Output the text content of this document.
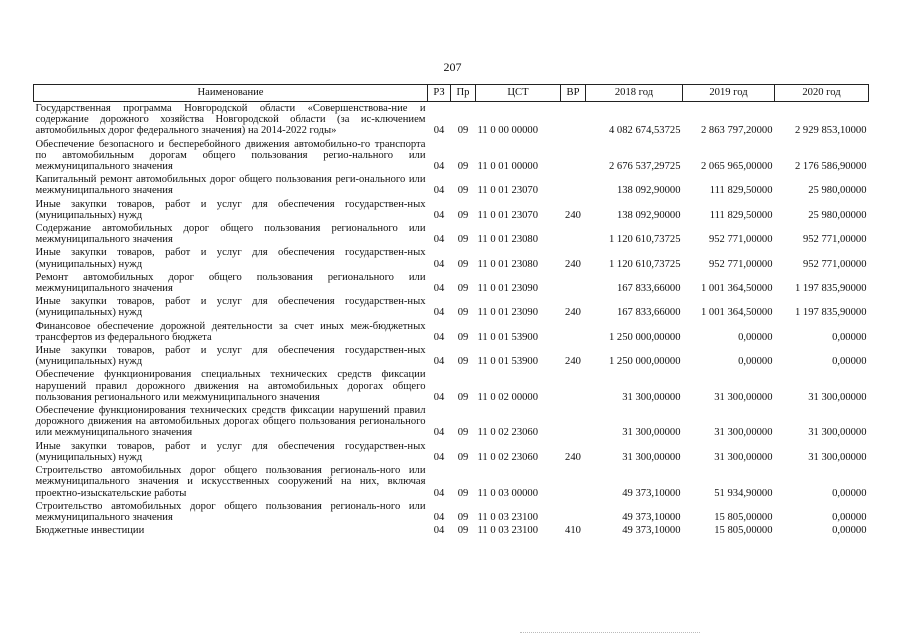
207
Наименование	РЗ	Пр	ЦСТ	ВР	2018 год	2019 год	2020 год
Государственная программа Новгородской области «Совершенствова-ние и содержание дорожного хозяйства Новгородской области (за ис-ключением автомобильных дорог федерального значения) на 2014-2022 годы»	04	09	11 0 00 00000		4 082 674,53725	2 863 797,20000	2 929 853,10000
Обеспечение безопасного и бесперебойного движения автомобильно-го транспорта по автомобильным дорогам общего пользования регио-нального или межмуниципального значения	04	09	11 0 01 00000		2 676 537,29725	2 065 965,00000	2 176 586,90000
Капитальный ремонт автомобильных дорог общего пользования реги-онального или межмуниципального значения	04	09	11 0 01 23070		138 092,90000	111 829,50000	25 980,00000
Иные закупки товаров, работ и услуг для обеспечения государствен-ных (муниципальных) нужд	04	09	11 0 01 23070	240	138 092,90000	111 829,50000	25 980,00000
Содержание автомобильных дорог общего пользования регионального или межмуниципального значения	04	09	11 0 01 23080		1 120 610,73725	952 771,00000	952 771,00000
Иные закупки товаров, работ и услуг для обеспечения государствен-ных (муниципальных) нужд	04	09	11 0 01 23080	240	1 120 610,73725	952 771,00000	952 771,00000
Ремонт автомобильных дорог общего пользования регионального или межмуниципального значения	04	09	11 0 01 23090		167 833,66000	1 001 364,50000	1 197 835,90000
Иные закупки товаров, работ и услуг для обеспечения государствен-ных (муниципальных) нужд	04	09	11 0 01 23090	240	167 833,66000	1 001 364,50000	1 197 835,90000
Финансовое обеспечение дорожной деятельности за счет иных меж-бюджетных трансфертов из федерального бюджета	04	09	11 0 01 53900		1 250 000,00000	0,00000	0,00000
Иные закупки товаров, работ и услуг для обеспечения государствен-ных (муниципальных) нужд	04	09	11 0 01 53900	240	1 250 000,00000	0,00000	0,00000
Обеспечение функционирования специальных технических средств фиксации нарушений правил дорожного движения на автомобильных дорогах общего пользования регионального или межмуниципального значения	04	09	11 0 02 00000		31 300,00000	31 300,00000	31 300,00000
Обеспечение функционирования технических средств фиксации нарушений правил дорожного движения на автомобильных дорогах общего пользования регионального или межмуниципального значения	04	09	11 0 02 23060		31 300,00000	31 300,00000	31 300,00000
Иные закупки товаров, работ и услуг для обеспечения государствен-ных (муниципальных) нужд	04	09	11 0 02 23060	240	31 300,00000	31 300,00000	31 300,00000
Строительство автомобильных дорог общего пользования региональ-ного или межмуниципального значения и искусственных сооружений на них, включая проектно-изыскательские работы	04	09	11 0 03 00000		49 373,10000	51 934,90000	0,00000
Строительство автомобильных дорог общего пользования региональ-ного или межмуниципального значения	04	09	11 0 03 23100		49 373,10000	15 805,00000	0,00000
Бюджетные инвестиции	04	09	11 0 03 23100	410	49 373,10000	15 805,00000	0,00000
